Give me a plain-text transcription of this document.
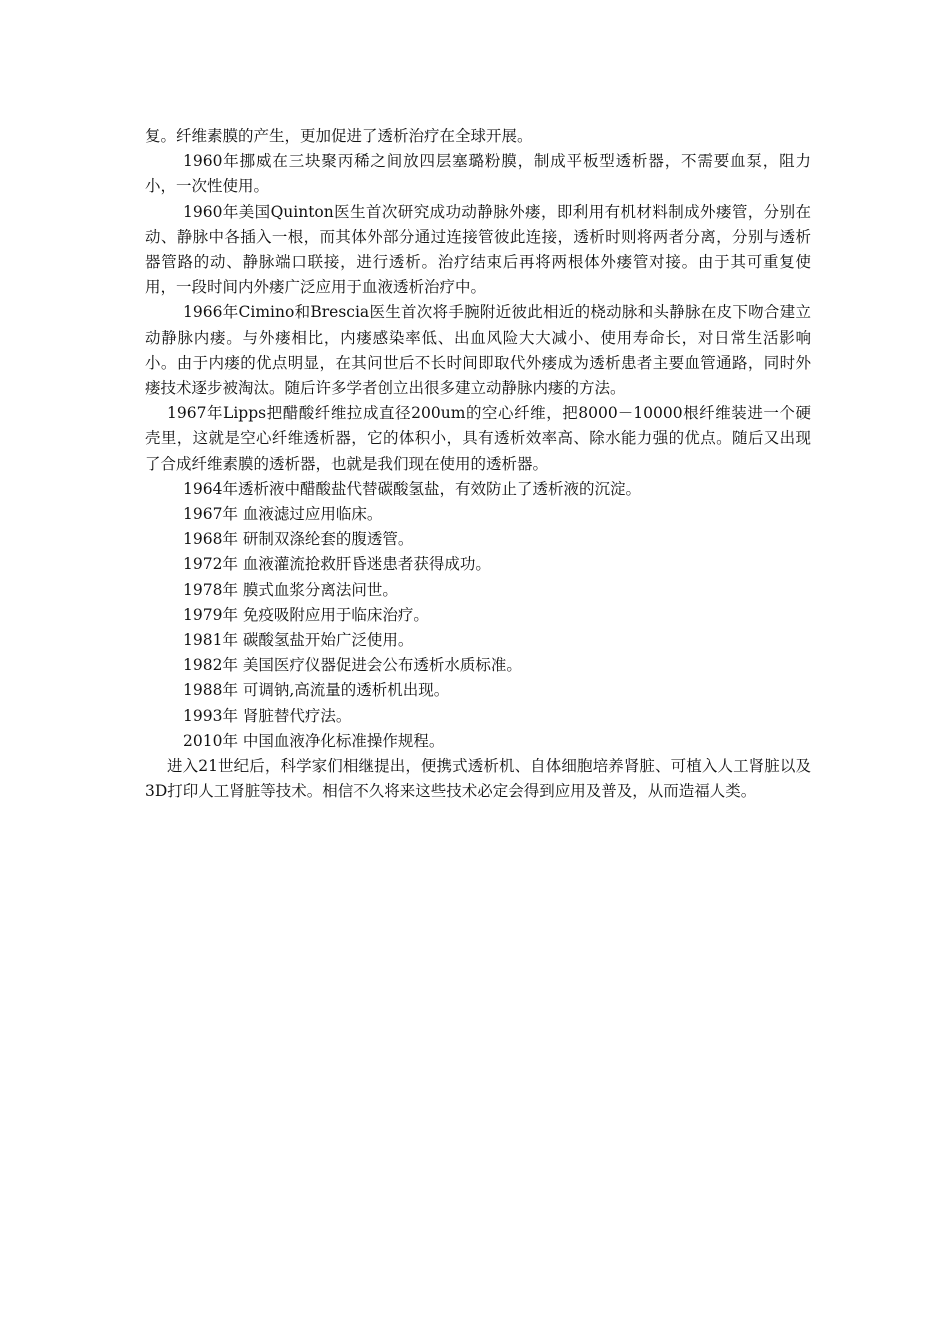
复。纤维素膜的产生，更加促进了透析治疗在全球开展。

1960年挪威在三块聚丙稀之间放四层塞璐粉膜，制成平板型透析器，不需要血泵，阻力小，一次性使用。

1960年美国Quinton医生首次研究成功动静脉外瘘，即利用有机材料制成外瘘管，分别在动、静脉中各插入一根，而其体外部分通过连接管彼此连接，透析时则将两者分离，分别与透析器管路的动、静脉端口联接，进行透析。治疗结束后再将两根体外瘘管对接。由于其可重复使用，一段时间内外瘘广泛应用于血液透析治疗中。

1966年Cimino和Brescia医生首次将手腕附近彼此相近的桡动脉和头静脉在皮下吻合建立动静脉内瘘。与外瘘相比，内瘘感染率低、出血风险大大减小、使用寿命长，对日常生活影响小。由于内瘘的优点明显，在其问世后不长时间即取代外瘘成为透析患者主要血管通路，同时外瘘技术逐步被淘汰。随后许多学者创立出很多建立动静脉内瘘的方法。

1967年Lipps把醋酸纤维拉成直径200um的空心纤维，把8000－10000根纤维装进一个硬壳里，这就是空心纤维透析器，它的体积小，具有透析效率高、除水能力强的优点。随后又出现了合成纤维素膜的透析器，也就是我们现在使用的透析器。

1964年透析液中醋酸盐代替碳酸氢盐，有效防止了透析液的沉淀。

1967年 血液滤过应用临床。

1968年 研制双涤纶套的腹透管。

1972年 血液灌流抢救肝昏迷患者获得成功。

1978年 膜式血浆分离法问世。

1979年 免疫吸附应用于临床治疗。

1981年 碳酸氢盐开始广泛使用。

1982年 美国医疗仪器促进会公布透析水质标准。

1988年 可调钠,高流量的透析机出现。

1993年 肾脏替代疗法。

2010年 中国血液净化标准操作规程。

进入21世纪后，科学家们相继提出，便携式透析机、自体细胞培养肾脏、可植入人工肾脏以及3D打印人工肾脏等技术。相信不久将来这些技术必定会得到应用及普及，从而造福人类。
